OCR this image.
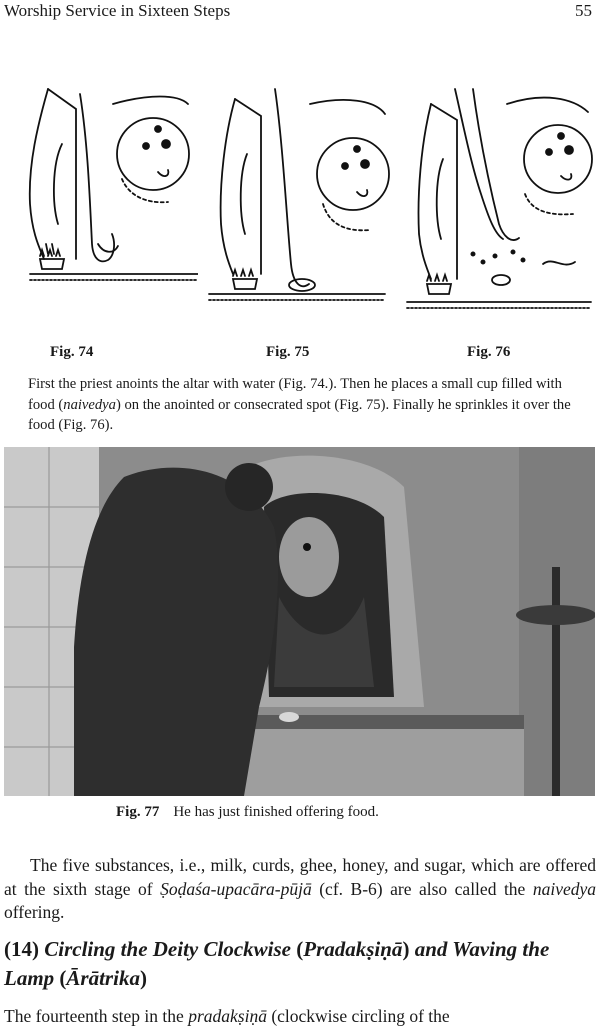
Worship Service in Sixteen Steps	55
Fig. 74	Fig. 75	Fig. 76

First the priest anoints the altar with water (Fig. 74.). Then he places a small cup filled with food (naivedya) on the anointed or consecrated spot (Fig. 75). Finally he sprinkles it over the food (Fig. 76).

Fig. 77 He has just finished offering food.

The five substances, i.e., milk, curds, ghee, honey, and sugar, which are offered at the sixth stage of Ṣoḍaśa-upacāra-pūjā (cf. B-6) are also called the naivedya offering.

(14) Circling the Deity Clockwise (Pradakṣiṇā) and Waving the Lamp (Ārātrika)

The fourteenth step in the pradakṣiṇā (clockwise circling of the
